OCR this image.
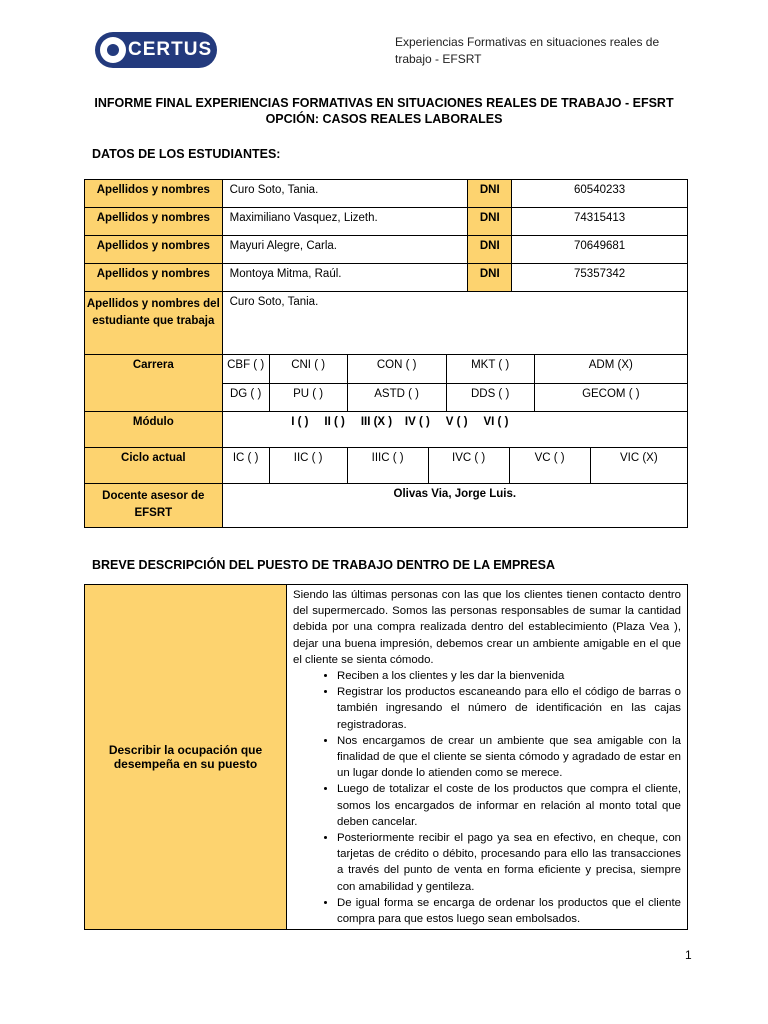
CERTUS	Experiencias Formativas en situaciones reales de trabajo - EFSRT
INFORME FINAL EXPERIENCIAS FORMATIVAS EN SITUACIONES REALES DE TRABAJO - EFSRT
OPCIÓN: CASOS REALES LABORALES
DATOS DE LOS ESTUDIANTES:
Apellidos y nombres	Curo Soto, Tania.	DNI	60540233
Apellidos y nombres	Maximiliano Vasquez, Lizeth.	DNI	74315413
Apellidos y nombres	Mayuri Alegre, Carla.	DNI	70649681
Apellidos y nombres	Montoya Mitma, Raúl.	DNI	75357342
Apellidos y nombres del estudiante que trabaja	Curo Soto, Tania.
Carrera		CBF ( )	CNI ( )	CON ( )	MKT ( )	ADM (X)

DG ( )	PU ( )	ASTD ( )	DDS ( )	GECOM ( )

Módulo	I ( )     II ( )     III (X )    IV ( )     V ( )     VI ( )
Ciclo actual		IC ( )	IIC ( )	IIIC ( )	IVC ( )	VC ( )	VIC (X)

Docente asesor de EFSRT	Olivas Via, Jorge Luis.
BREVE DESCRIPCIÓN DEL PUESTO DE TRABAJO DENTRO DE LA EMPRESA
Describir la ocupación que desempeña en su puesto	
Siendo las últimas personas con las que los clientes tienen contacto dentro del supermercado. Somos las personas responsables de sumar la cantidad debida por una compra realizada dentro del establecimiento (Plaza Vea ), dejar una buena impresión, debemos crear un ambiente amigable en el que el cliente se sienta cómodo.
• Reciben a los clientes y les dar la bienvenida
• Registrar los productos escaneando para ello el código de barras o también ingresando el número de identificación en las cajas registradoras.
• Nos encargamos de crear un ambiente que sea amigable con la finalidad de que el cliente se sienta cómodo y agradado de estar en un lugar donde lo atienden como se merece.
• Luego de totalizar el coste de los productos que compra el cliente, somos los encargados de informar en relación al monto total que deben cancelar.
• Posteriormente recibir el pago ya sea en efectivo, en cheque, con tarjetas de crédito o débito, procesando para ello las transacciones a través del punto de venta en forma eficiente y precisa, siempre con amabilidad y gentileza.
• De igual forma se encarga de ordenar los productos que el cliente compra para que estos luego sean embolsados.
1
